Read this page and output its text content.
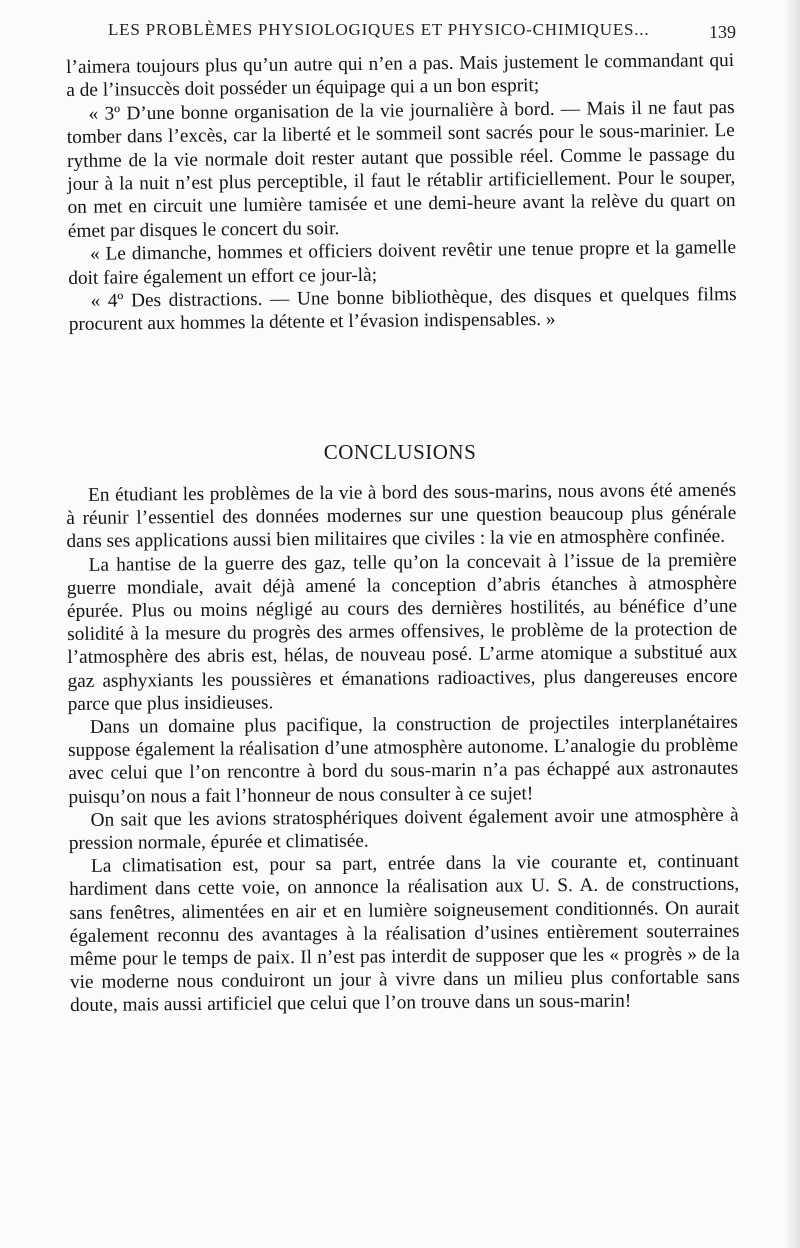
LES PROBLÈMES PHYSIOLOGIQUES ET PHYSICO-CHIMIQUES...	139

l’aimera toujours plus qu’un autre qui n’en a pas. Mais justement le commandant qui a de l’insuccès doit posséder un équipage qui a un bon esprit;

« 3º D’une bonne organisation de la vie journalière à bord. — Mais il ne faut pas tomber dans l’excès, car la liberté et le sommeil sont sacrés pour le sous-marinier. Le rythme de la vie normale doit rester autant que possible réel. Comme le passage du jour à la nuit n’est plus perceptible, il faut le rétablir artificiellement. Pour le souper, on met en circuit une lumière tamisée et une demi-heure avant la relève du quart on émet par disques le concert du soir.

« Le dimanche, hommes et officiers doivent revêtir une tenue propre et la gamelle doit faire également un effort ce jour-là;

« 4º Des distractions. — Une bonne bibliothèque, des disques et quelques films procurent aux hommes la détente et l’évasion indispensables. »

CONCLUSIONS

En étudiant les problèmes de la vie à bord des sous-marins, nous avons été amenés à réunir l’essentiel des données modernes sur une question beaucoup plus générale dans ses applications aussi bien militaires que civiles : la vie en atmosphère confinée.

La hantise de la guerre des gaz, telle qu’on la concevait à l’issue de la première guerre mondiale, avait déjà amené la conception d’abris étanches à atmosphère épurée. Plus ou moins négligé au cours des dernières hostilités, au bénéfice d’une solidité à la mesure du progrès des armes offensives, le problème de la protection de l’atmosphère des abris est, hélas, de nouveau posé. L’arme atomique a substitué aux gaz asphyxiants les poussières et émanations radioactives, plus dangereuses encore parce que plus insidieuses.

Dans un domaine plus pacifique, la construction de projectiles interplanétaires suppose également la réalisation d’une atmosphère autonome. L’analogie du problème avec celui que l’on rencontre à bord du sous-marin n’a pas échappé aux astronautes puisqu’on nous a fait l’honneur de nous consulter à ce sujet!

On sait que les avions stratosphériques doivent également avoir une atmosphère à pression normale, épurée et climatisée.

La climatisation est, pour sa part, entrée dans la vie courante et, continuant hardiment dans cette voie, on annonce la réalisation aux U. S. A. de constructions, sans fenêtres, alimentées en air et en lumière soigneusement conditionnés. On aurait également reconnu des avantages à la réalisation d’usines entièrement souterraines même pour le temps de paix. Il n’est pas interdit de supposer que les « progrès » de la vie moderne nous conduiront un jour à vivre dans un milieu plus confortable sans doute, mais aussi artificiel que celui que l’on trouve dans un sous-marin!
